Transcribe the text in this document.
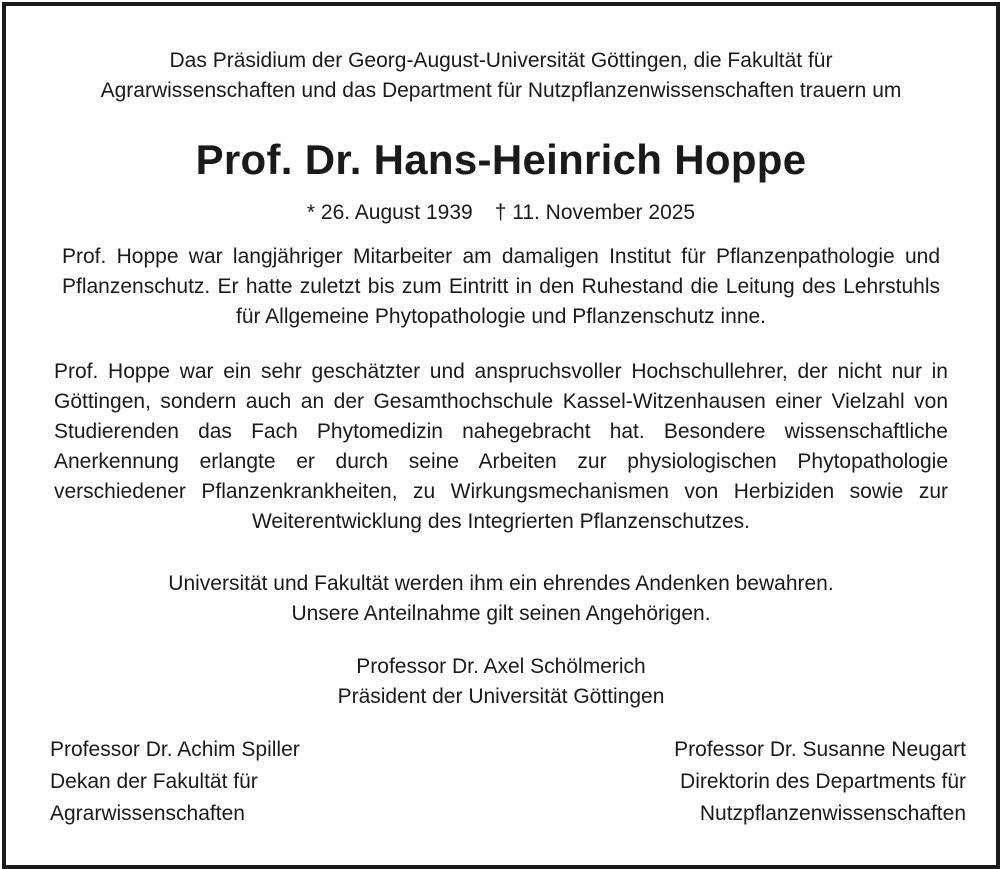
Das Präsidium der Georg-August-Universität Göttingen, die Fakultät für
Agrarwissenschaften und das Department für Nutzpflanzenwissenschaften trauern um
Prof. Dr. Hans-Heinrich Hoppe
* 26. August 1939 † 11. November 2025
Prof. Hoppe war langjähriger Mitarbeiter am damaligen Institut für Pflanzenpathologie und Pflanzenschutz. Er hatte zuletzt bis zum Eintritt in den Ruhestand die Leitung des Lehrstuhls für Allgemeine Phytopathologie und Pflanzenschutz inne.
Prof. Hoppe war ein sehr geschätzter und anspruchsvoller Hochschullehrer, der nicht nur in Göttingen, sondern auch an der Gesamthochschule Kassel-Witzenhausen einer Vielzahl von Studierenden das Fach Phytomedizin nahegebracht hat. Besondere wissenschaftliche Anerkennung erlangte er durch seine Arbeiten zur physiologischen Phytopathologie verschiedener Pflanzenkrankheiten, zu Wirkungsmechanismen von Herbiziden sowie zur Weiterentwicklung des Integrierten Pflanzenschutzes.
Universität und Fakultät werden ihm ein ehrendes Andenken bewahren.
Unsere Anteilnahme gilt seinen Angehörigen.
Professor Dr. Axel Schölmerich
Präsident der Universität Göttingen
Professor Dr. Achim Spiller
Dekan der Fakultät für
Agrarwissenschaften
Professor Dr. Susanne Neugart
Direktorin des Departments für
Nutzpflanzenwissenschaften
